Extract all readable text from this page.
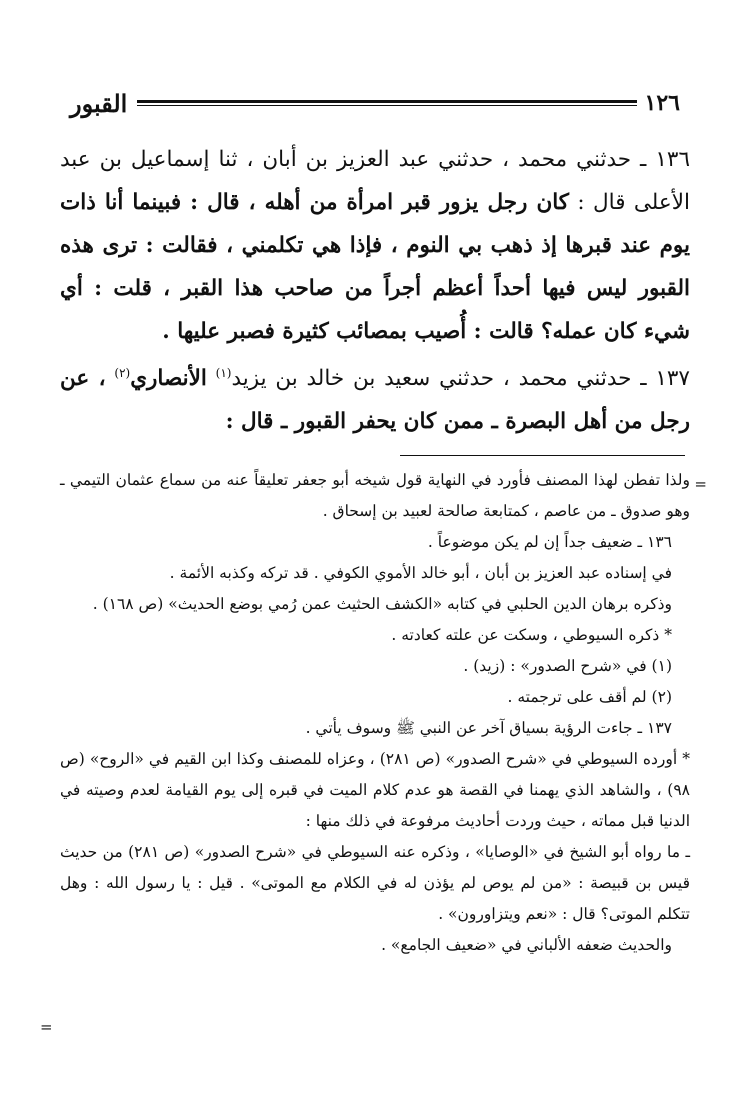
١٢٦
القبور

١٣٦ ـ حدثني محمد ، حدثني عبد العزيز بن أبان ، ثنا إسماعيل بن عبد الأعلى قال : كان رجل يزور قبر امرأة من أهله ، قال : فبينما أنا ذات يوم عند قبرها إذ ذهب بي النوم ، فإذا هي تكلمني ، فقالت : ترى هذه القبور ليس فيها أحداً أعظم أجراً من صاحب هذا القبر ، قلت : أي شيء كان عمله؟ قالت : أُصيب بمصائب كثيرة فصبر عليها .

١٣٧ ـ حدثني محمد ، حدثني سعيد بن خالد بن يزيد$^{(١)}$ الأنصاري$^{(٢)}$ ، عن رجل من أهل البصرة ـ ممن كان يحفر القبور ـ قال :

=

ولذا تفطن لهذا المصنف فأورد في النهاية قول شيخه أبو جعفر تعليقاً عنه من سماع عثمان التيمي ـ وهو صدوق ـ من عاصم ، كمتابعة صالحة لعبيد بن إسحاق .

١٣٦ ـ ضعيف جداً إن لم يكن موضوعاً .

في إسناده عبد العزيز بن أبان ، أبو خالد الأموي الكوفي . قد تركه وكذبه الأئمة .

وذكره برهان الدين الحلبي في كتابه «الكشف الحثيث عمن رُمي بوضع الحديث» (ص ١٦٨) .

* ذكره السيوطي ، وسكت عن علته كعادته .

(١) في «شرح الصدور» : (زيد) .

(٢) لم أقف على ترجمته .

١٣٧ ـ جاءت الرؤية بسياق آخر عن النبي ﷺ وسوف يأتي .

* أورده السيوطي في «شرح الصدور» (ص ٢٨١) ، وعزاه للمصنف وكذا ابن القيم في «الروح» (ص ٩٨) ، والشاهد الذي يهمنا في القصة هو عدم كلام الميت في قبره إلى يوم القيامة لعدم وصيته في الدنيا قبل مماته ، حيث وردت أحاديث مرفوعة في ذلك منها :

ـ ما رواه أبو الشيخ في «الوصايا» ، وذكره عنه السيوطي في «شرح الصدور» (ص ٢٨١) من حديث قيس بن قبيصة : «من لم يوص لم يؤذن له في الكلام مع الموتى» . قيل : يا رسول الله : وهل تتكلم الموتى؟ قال : «نعم ويتزاورون» .

والحديث ضعفه الألباني في «ضعيف الجامع» .

=
